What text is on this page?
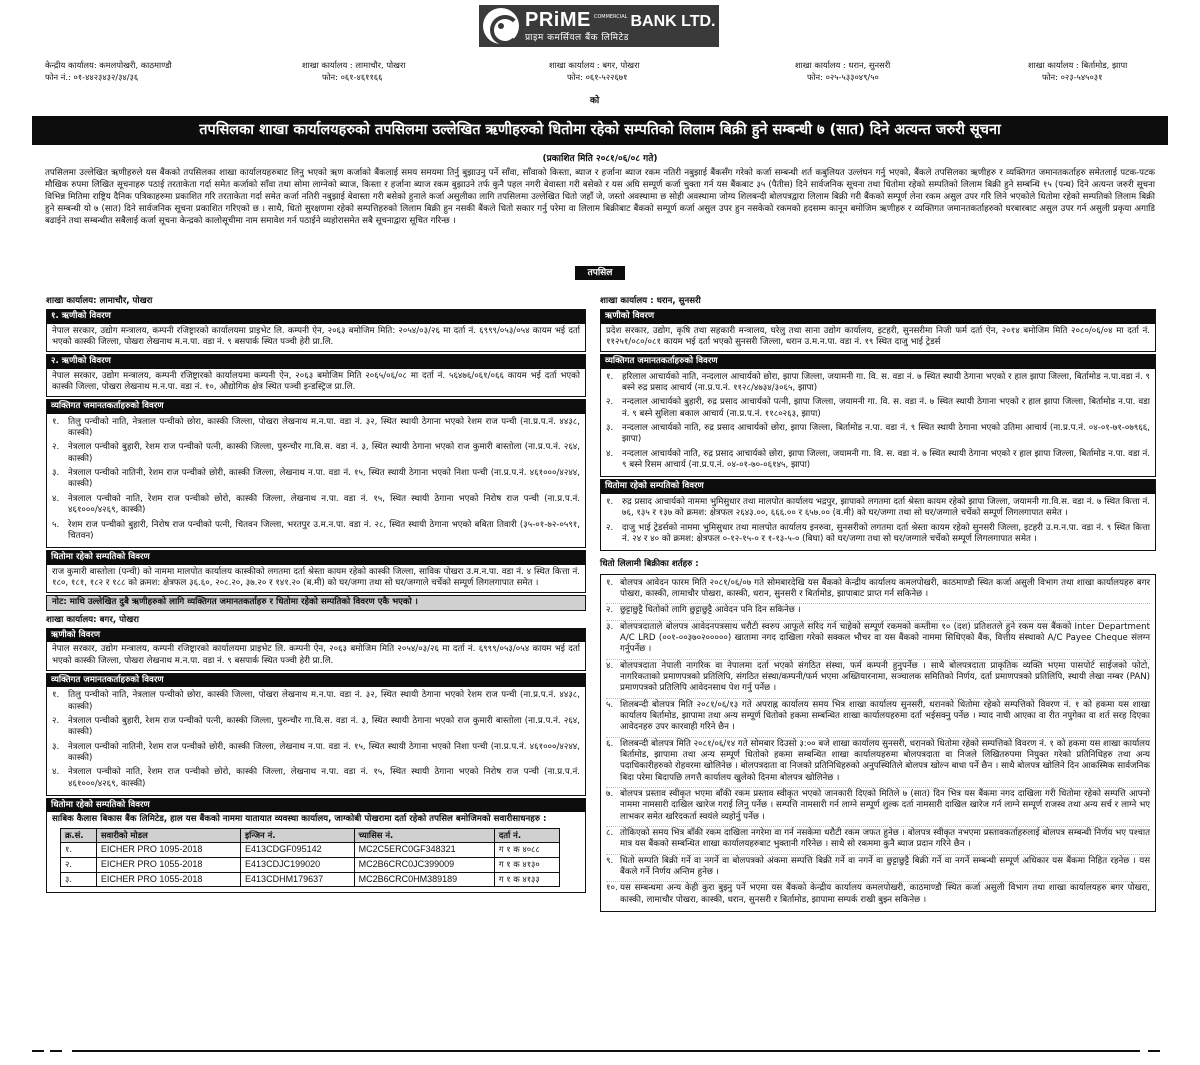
PRiME COMMERCIAL BANK LTD.
प्राइम कमर्सियल बैंक लिमिटेड
केन्द्रीय कार्यालय: कमलपोखरी, काठमाण्डौ
फोन नं.: ०१-४४२३४३२/३४/३६
शाखा कार्यालय : लामाचौर, पोखरा
फोन: ०६१-४६११६६
शाखा कार्यालय : बगर, पोखरा
फोन: ०६१-५२२६७१
शाखा कार्यालय : धरान, सुनसरी
फोन: ०२५-५३३०४९/५०
शाखा कार्यालय : बिर्तामोड, झापा
फोन: ०२३-५४५०३१
को
तपसिलका शाखा कार्यालयहरुको तपसिलमा उल्लेखित ऋणीहरुको धितोमा रहेको सम्पतिको लिलाम बिक्री हुने सम्बन्धी ७ (सात) दिने अत्यन्त जरुरी सूचना
(प्रकाशित मिति २०८१/०६/०८ गते)
तपसिलमा उल्लेखित ऋणीहरुले यस बैंकको तपसिलका शाखा कार्यालयहरुबाट लिनु भएको ऋण कर्जाको बैंकलाई समय समयमा तिर्नु बुझाउनु पर्ने साँवा, साँवाको किस्ता, ब्याज र हर्जाना ब्याज रकम नतिरी नबुझाई बैंकसँग गरेको कर्जा सम्बन्धी शर्त कबुलियत उल्लंघन गर्नु भएको, बैंकले तपसिलका ऋणीहरु र व्यक्तिगत जमानतकर्ताहरु समेतलाई पटक-पटक मौखिक रुपमा लिखित सूचनाहरु पठाई तरताकेता गर्दा समेत कर्जाको साँवा तथा सोमा लाग्नेको ब्याज, किस्ता र हर्जाना ब्याज रकम बुझाउने तर्फ कुनै पहल नगरी बेवास्ता गरी बसेको र यस अघि सम्पूर्ण कर्जा चुक्ता गर्न यस बैंकबाट ३५ (पैतीस) दिने सार्वजनिक सूचना तथा धितोमा रहेको सम्पतिको लिलाम बिक्री हुने सम्बन्धि १५ (पन्ध) दिने अत्यन्त जरुरी सूचना विभिन्न मितिमा राष्ट्रिय दैनिक पत्रिकाहरुमा प्रकाशित गरि तरताकेता गर्दा समेत कर्जा नतिरी नबुझाई बेवास्ता गरी बसेको हुनाले कर्जा असुलीका लागि तपसिलमा उल्लेखित धितो जहाँ जे, जस्तो अवस्थामा छ सोही अवस्थामा जोग्य शिलबन्दी बोलपत्रद्वारा लिलाम बिक्री गरी बैंकको सम्पूर्ण लेना रकम असुल उपर गरि लिने भएकोले धितोमा रहेको सम्पतिको लिलाम बिक्री हुने सम्बन्धी यो ७ (सात) दिने सार्वजनिक सूचना प्रकाशित गरिएको छ । साथै, धितो सुरक्षणमा रहेको सम्पत्तिहरुको लिलाम बिक्री हुन नसकी बैंकले धितो सकार गर्नु परेमा वा लिलाम बिक्रीबाट बैंकको सम्पूर्ण कर्जा असुल उपर हुन नसकेको रकमको हदसम्म कानून बमोजिम ऋणीहरु र व्यक्तिगत जमानतकर्ताहरुको घरबारबाट असुल उपर गर्न असुली प्रकृया अगाडि बढाईने तथा सम्बन्धीत सबैलाई कर्जा सूचना केन्द्रको कालोसूचीमा नाम समावेश गर्न पठाईने व्यहोरासमेत सबै सूचनाद्वारा सूचित गरिन्छ ।
तपसिल
शाखा कार्यालय: लामाचौर, पोखरा
१. ऋणीको विवरण
नेपाल सरकार, उद्योग मन्त्रालय, कम्पनी रजिष्ट्रारको कार्यालयमा प्राइभेट लि. कम्पनी ऐन, २०६३ बमोजिम मिति: २०५४/०३/२६ मा दर्ता नं. ६९९९/०५३/०५४ कायम भई दर्ता भएको कास्की जिल्ला, पोखरा लेखनाथ म.न.पा. वडा नं. ९ बसपार्क स्थित पञ्ची हेरी प्रा.लि.
२. ऋणीको विवरण
नेपाल सरकार, उद्योग मन्त्रालय, कम्पनी रजिष्ट्रारको कार्यालयमा कम्पनी ऐन, २०६३ बमोजिम मिति २०६५/०६/०८ मा दर्ता नं. ५६४७६/०६१/०६६ कायम भई दर्ता भएको कास्की जिल्ला, पोखरा लेखनाथ म.न.पा. वडा नं. १०, औद्योगिक क्षेत्र स्थित पञ्ची इन्डस्ट्रिज प्रा.लि.
व्यक्तिगत जमानतकर्ताहरुको विवरण
१.	तिलु पन्चीको नाति, नेत्रलाल पन्चीको छोरा, कास्की जिल्ला, पोखरा लेखनाथ म.न.पा. वडा नं. ३२, स्थित स्थायी ठेगाना भएको रेशम राज पन्ची (ना.प्र.प.नं. ४४३८, कास्की)
२.	नेत्रलाल पन्चीको बुहारी, रेशम राज पन्चीको पत्नी, कास्की जिल्ला, पुरुन्चौर गा.वि.स. वडा नं. ३, स्थित स्थायी ठेगाना भएको राज कुमारी बास्तोला (ना.प्र.प.नं. २६४, कास्की)
३.	नेत्रलाल पन्चीको नातिनी, रेशम राज पन्चीको छोरी, कास्की जिल्ला, लेखनाथ न.पा. वडा नं. १५, स्थित स्थायी ठेगाना भएको निशा पन्ची (ना.प्र.प.नं. ४६१०००/४२४४, कास्की)
४.	नेत्रलाल पन्चीको नाति, रेशम राज पन्चीको छोरो, कास्की जिल्ला, लेखनाथ न.पा. वडा नं. १५, स्थित स्थायी ठेगाना भएको निरोष राज पन्ची (ना.प्र.प.नं. ४६१०००/४२६९, कास्की)
५.	रेशम राज पन्चीको बुहारी, निरोष राज पन्चीको पत्नी, चितवन जिल्ला, भरतपुर उ.म.न.पा. वडा नं. २८, स्थित स्थायी ठेगाना भएको बबिता तिवारी (३५-०१-७२-०५९१, चितवन)
धितोमा रहेको सम्पतिको विवरण
राज कुमारी बास्तोला (पन्ची) को नाममा मालपोत कार्यालय कास्कीको लगतमा दर्ता श्रेस्ता कायम रहेको कास्की जिल्ला, साविक पोखरा उ.म.न.पा. वडा नं. ४ स्थित कित्ता नं. १८०, १८१, १८२ र १८८ को क्रमश: क्षेत्रफल ३६.६०, २०८.२०, ३७.२० र १४१.२० (ब.मी) को घर/जग्गा तथा सो घर/जग्गाले चर्चेको सम्पूर्ण लिगलगापात समेत ।
नोट: माथि उल्लेखित दुबै ऋणीहरुको लागि व्यक्तिगत जमानतकर्ताहरु र धितोमा रहेको सम्पतिको विवरण एकै भएको ।
शाखा कार्यालय: बगर, पोखरा
ऋणीको विवरण
नेपाल सरकार, उद्योग मन्त्रालय, कम्पनी रजिष्ट्रारको कार्यालयमा प्राइभेट लि. कम्पनी ऐन, २०६३ बमोजिम मिति २०५४/०३/२६ मा दर्ता नं. ६९९९/०५३/०५४ कायम भई दर्ता भएको कास्की जिल्ला, पोखरा लेखनाथ म.न.पा. वडा नं. ९ बसपार्क स्थित पञ्ची हेरी प्रा.लि.
व्यक्तिगत जमानतकर्ताहरुको विवरण
१.	तिलु पन्चीको नाति, नेत्रलाल पन्चीको छोरा, कास्की जिल्ला, पोखरा लेखनाथ म.न.पा. वडा नं. ३२, स्थित स्थायी ठेगाना भएको रेशम राज पन्ची (ना.प्र.प.नं. ४४३८, कास्की)
२.	नेत्रलाल पन्चीको बुहारी, रेशम राज पन्चीको पत्नी, कास्की जिल्ला, पुरुन्चौर गा.वि.स. वडा नं. ३, स्थित स्थायी ठेगाना भएको राज कुमारी बास्तोला (ना.प्र.प.नं. २६४, कास्की)
३.	नेत्रलाल पन्चीको नातिनी, रेशम राज पन्चीको छोरी, कास्की जिल्ला, लेखनाथ न.पा. वडा नं. १५, स्थित स्थायी ठेगाना भएको निशा पन्ची (ना.प्र.प.नं. ४६१०००/४२४४, कास्की)
४.	नेत्रलाल पन्चीको नाति, रेशम राज पन्चीको छोरो, कास्की जिल्ला, लेखनाथ न.पा. वडा नं. १५, स्थित स्थायी ठेगाना भएको निरोष राज पन्ची (ना.प्र.प.नं. ४६१०००/४२६९, कास्की)
धितोमा रहेको सम्पतिको विवरण
साबिक कैलास बिकास बैंक लिमिटेड, हाल यस बैंकको नाममा यातायात व्यवस्था कार्यालय, जाग्कोबी पोखरामा दर्ता रहेको तपसिल बमोजिमको सवारीसाधनहरु :
क्र.सं.	सवारीको मोडल	इन्जिन नं.	च्यासिस नं.	दर्ता नं.
१.	EICHER PRO 1095-2018	E413CDGF095142	MC2C5ERC0GF348321	ग १ क ४०८८
२.	EICHER PRO 1055-2018	E413CDJC199020	MC2B6CRC0JC399009	ग १ क ४१३०
३.	EICHER PRO 1055-2018	E413CDHM179637	MC2B6CRC0HM389189	ग १ क ४१३३
शाखा कार्यालय : धरान, सुनसरी
ऋणीको विवरण
प्रदेश सरकार, उद्योग, कृषि तथा सहकारी मन्त्रालय, घरेलु तथा साना उद्योग कार्यालय, इटहरी, सुनसरीमा निजी फर्म दर्ता ऐन, २०१४ बमोजिम मिति २०८०/०६/०४ मा दर्ता नं. ११२५१/०८०/०८१ कायम भई दर्ता भएको सुनसरी जिल्ला, धरान उ.म.न.पा. वडा नं. १९ स्थित दाजु भाई ट्रेडर्स
व्यक्तिगत जमानतकर्ताहरुको विवरण
१.	हरिलाल आचार्यको नाति, नन्दलाल आचार्यको छोरा, झापा जिल्ला, जयामनी गा. वि. स. वडा नं. ७ स्थित स्थायी ठेगाना भएको र हाल झापा जिल्ला, बिर्तामोड न.पा.वडा नं. ९ बस्ने रुद्र प्रसाद आचार्य (ना.प्र.प.नं. ११२८/४७३४/३०६५, झापा)
२.	नन्दलाल आचार्यको बुहारी, रुद्र प्रसाद आचार्यको पत्नी, झापा जिल्ला, जयामनी गा. वि. स. वडा नं. ७ स्थित स्थायी ठेगाना भएको र हाल झापा जिल्ला, बिर्तामोड न.पा. वडा नं. ९ बस्ने सुशिला बकाल आचार्य (ना.प्र.प.नं. ११८०२६३, झापा)
३.	नन्दलाल आचार्यको नाति, रुद्र प्रसाद आचार्यको छोरा, झापा जिल्ला, बिर्तामोड न.पा. वडा नं. ९ स्थित स्थायी ठेगाना भएको उतिमा आचार्य (ना.प्र.प.नं. ०४-०१-७१-०७९६६, झापा)
४.	नन्दलाल आचार्यको नाति, रुद्र प्रसाद आचार्यको छोरा, झापा जिल्ला, जयामनी गा. वि. स. वडा नं. ७ स्थित स्थायी ठेगाना भएको र हाल झापा जिल्ला, बिर्तामोड न.पा. वडा नं. ९ बस्ने रिसम आचार्य (ना.प्र.प.नं. ०४-०१-७०-०६१४५, झापा)
धितोमा रहेको सम्पतिको विवरण
१.	रुद्र प्रसाद आचार्यको नाममा भुमिसुधार तथा मालपोत कार्यालय भद्रपुर, झापाको लगतमा दर्ता श्रेस्ता कायम रहेको झापा जिल्ला, जयामनी गा.वि.स. वडा नं. ७ स्थित कित्ता नं. ७६, १३५ र १३७ को क्रमश: क्षेत्रफल २६४३.००, ६६६.०० र ६५७.०० (व.मी) को घर/जग्गा तथा सो घर/जग्गाले चर्चेको सम्पूर्ण लिगलगापात समेत ।
२.	दाजु भाई ट्रेडर्सको नाममा भुमिसुधार तथा मालपोत कार्यालय इनरुवा, सुनसरीको लगतमा दर्ता श्रेस्ता कायम रहेको सुनसरी जिल्ला, इटहरी उ.म.न.पा. वडा नं. ९ स्थित कित्ता नं. २४ र ४० को क्रमश: क्षेत्रफल ०-१२-१५-० र १-१३-५-० (बिघा) को घर/जग्गा तथा सो घर/जग्गाले चर्चेको सम्पूर्ण लिगलगापात समेत ।
धितो लिलामी बिक्रीका शर्तहरु :
१. बोलपत्र आवेदन फारम मिति २०८१/०६/०७ गते सोमबारदेखि यस बैंकको केन्द्रीय कार्यालय कमलपोखरी, काठमाण्डौ स्थित कर्जा असुली विभाग तथा शाखा कार्यालयहरु बगर पोखरा, कास्की, लामाचौर पोखरा, कास्की, धरान, सुनसरी र बिर्तामोड, झापाबाट प्राप्त गर्न सकिनेछ ।
२. छुट्टाछुट्टै धितोको लागि छुट्टाछुट्टै आवेदन पनि दिन सकिनेछ ।
३. बोलपत्रदाताले बोलपत्र आवेदनपत्रसाथ धरौटी स्वरुप आफूले सरिद गर्न चाहेको सम्पूर्ण रकमको कम्तीमा १० (दश) प्रतिशतले हुने रकम यस बैंकको Inter Department A/C LRD (००१-००३७०२०००००) खातामा नगद दाखिला गरेको सक्कल भौचर वा यस बैंकको नाममा सिधिएको बैंक, वित्तीय संस्थाको A/C Payee Cheque संलग्न गर्नुपर्नेछ ।
४. बोलपत्रदाता नेपाली नागरिक वा नेपालमा दर्ता भएको संगठित संस्था, फर्म कम्पनी हुनुपर्नेछ । साथै बोलपत्रदाता प्राकृतिक व्यक्ति भएमा पासपोर्ट साईजको फोटो, नागरिकताको प्रमाणपत्रको प्रतिलिपि, संगठित संस्था/कम्पनी/फर्म भएमा अख्तियारनामा, सञ्चालक समितिको निर्णय, दर्ता प्रमाणपत्रको प्रतिलिपि, स्थायी लेखा नम्बर (PAN) प्रमाणपत्रको प्रतिलिपि आवेदनसाथ पेश गर्नु पर्नेछ ।
५. शिलबन्दी बोलपत्र मिति २०८१/०६/१३ गते अपराह्न कार्यालय समय भित्र शाखा कार्यालय सुनसरी, धरानको धितोमा रहेको सम्पत्तिको विवरण नं. १ को हकमा यस शाखा कार्यालय बिर्तामोड, झापामा तथा अन्य सम्पूर्ण धितोको हकमा सम्बन्धित शाखा कार्यालयहरुमा दर्ता भईसक्नु पर्नेछ । म्याद नाघी आएका वा रीत नपुगेका वा शर्त सरह दिएका आवेदनहरु उपर कारवाही गरिने छैन ।
६. शिलबन्दी बोलपत्र मिति २०८१/०६/१४ गते सोमबार दिउसो ३:०० बजे शाखा कार्यालय सुनसरी, धरानको धितोमा रहेको सम्पत्तिको विवरण नं. १ को हकमा यस शाखा कार्यालय बिर्तामोड, झापामा तथा अन्य सम्पूर्ण धितोको हकमा सम्बन्धित शाखा कार्यालयहरुमा बोलपत्रदाता वा निजले लिखितरुपमा नियुक्त गरेको प्रतिनिधिहरु तथा अन्य पदाधिकारीहरुको रोहवरमा खोलिनेछ । बोलपत्रदाता वा निजको प्रतिनिधिहरुको अनुपस्थितिले बोलपत्र खोल्न बाधा पर्ने छैन । साथै बोलपत्र खोलिने दिन आकस्मिक सार्वजनिक बिदा परेमा बिदापछि लगत्तै कार्यालय खुलेको दिनमा बोलपत्र खोलिनेछ ।
७. बोलपत्र प्रस्ताव स्वीकृत भएमा बाँकी रकम प्रस्ताव स्वीकृत भएको जानकारी दिएको मितिले ७ (सात) दिन भित्र यस बैंकमा नगद दाखिला गरी धितोमा रहेको सम्पत्ति आफ्नो नाममा नामसारी दाखिल खारेज गराई लिनु पर्नेछ । सम्पत्ति नामसारी गर्न लाग्ने सम्पूर्ण शुल्क दर्ता नामसारी दाखिल खारेज गर्न लाग्ने सम्पूर्ण राजस्व तथा अन्य सर्च र लाग्ने भए लाभकर समेत खरिदकर्ता स्वयंले व्यहोर्नु पर्नेछ ।
८. तोकिएको समय भित्र बाँकी रकम दाखिला नगरेमा वा गर्न नसकेमा धरौटी रकम जफत हुनेछ । बोलपत्र स्वीकृत नभएमा प्रस्तावकर्ताहरुलाई बोलपत्र सम्बन्धी निर्णय भए पश्चात मात्र यस बैंकको सम्बन्धित शाखा कार्यालयहरुबाट भुक्तानी गरिनेछ । साथै सो रकममा कुनै ब्याज प्रदान गरिने छैन ।
९. धितो सम्पति बिक्री गर्ने वा नगर्ने वा बोलपत्रको अंकमा सम्पत्ति बिक्री गर्ने वा नगर्ने वा छुट्टाछुट्टै बिक्री गर्ने वा नगर्ने सम्बन्धी सम्पूर्ण अधिकार यस बैंकमा निहित रहनेछ । यस बैंकले गर्ने निर्णय अन्तिम हुनेछ ।
१०. यस सम्बन्धमा अन्य केही कुरा बुझ्नु पर्ने भएमा यस बैंकको केन्द्रीय कार्यालय कमलपोखरी, काठमाण्डौ स्थित कर्जा असुली विभाग तथा शाखा कार्यालयहरु बगर पोखरा, कास्की, लामाचौर पोखरा, कास्की, धरान, सुनसरी र बिर्तामोड, झापामा सम्पर्क राखी बुझ्न सकिनेछ ।
